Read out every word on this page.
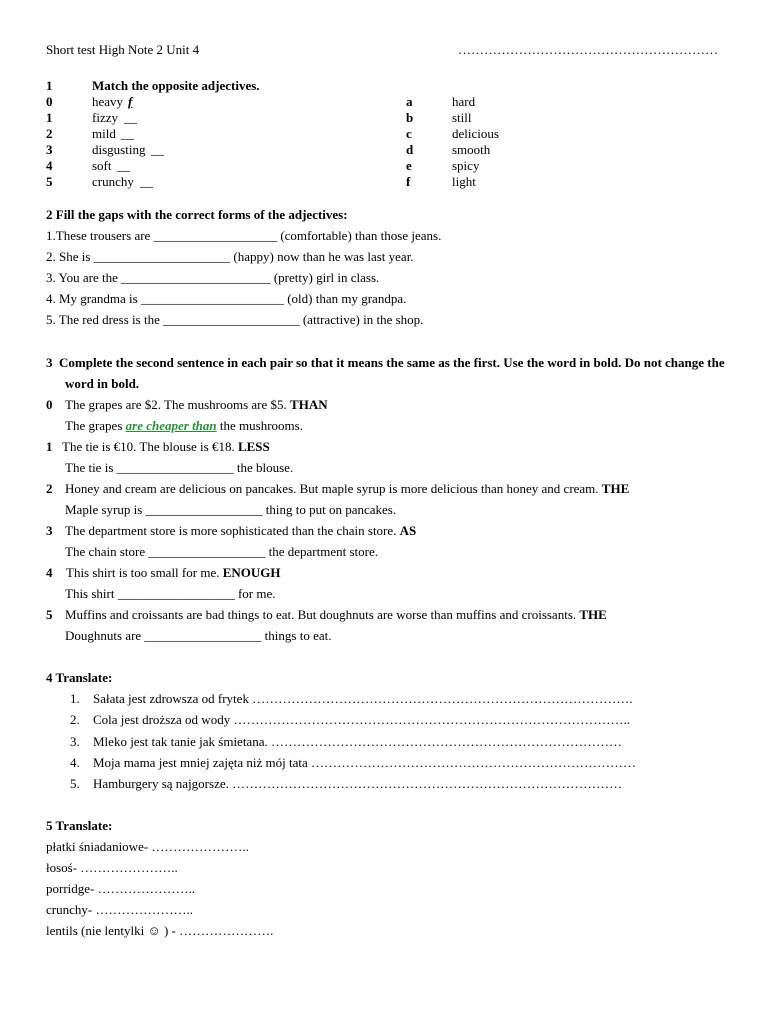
Short test High Note 2 Unit 4	……………………………………………………
1	Match the opposite adjectives.
0	heavy f	a	hard
1	fizzy __	b	still
2	mild __	c	delicious
3	disgusting __	d	smooth
4	soft __	e	spicy
5	crunchy __	f	light
2 Fill the gaps with the correct forms of the adjectives:
1.These trousers are ___________________ (comfortable) than those jeans.
2. She is _____________________ (happy) now than he was last year.
3. You are the _______________________ (pretty) girl in class.
4. My grandma is ______________________ (old) than my grandpa.
5. The red dress is the _____________________ (attractive) in the shop.
3 Complete the second sentence in each pair so that it means the same as the first. Use the word in bold. Do not change the
word in bold.
0 The grapes are $2. The mushrooms are $5. THAN
The grapes are cheaper than the mushrooms.
1 The tie is €10. The blouse is €18. LESS
The tie is __________________ the blouse.
2 Honey and cream are delicious on pancakes. But maple syrup is more delicious than honey and cream. THE
Maple syrup is __________________ thing to put on pancakes.
3 The department store is more sophisticated than the chain store. AS
The chain store __________________ the department store.
4 This shirt is too small for me. ENOUGH
This shirt __________________ for me.
5 Muffins and croissants are bad things to eat. But doughnuts are worse than muffins and croissants. THE
Doughnuts are __________________ things to eat.
4 Translate:
1. Sałata jest zdrowsza od frytek …………………………………………………………………………….
2. Cola jest droższa od wody ………………………………………………………………………………..
3. Mleko jest tak tanie jak śmietana. ………………………………………………………………………
4. Moja mama jest mniej zajęta niż mój tata …………………………………………………………………
5. Hamburgery są najgorsze. ………………………………………………………………………………
5 Translate:
płatki śniadaniowe- …………………..
łosoś- …………………..
porridge- …………………..
crunchy- …………………..
lentils (nie lentylki ☺ ) - ………………….
